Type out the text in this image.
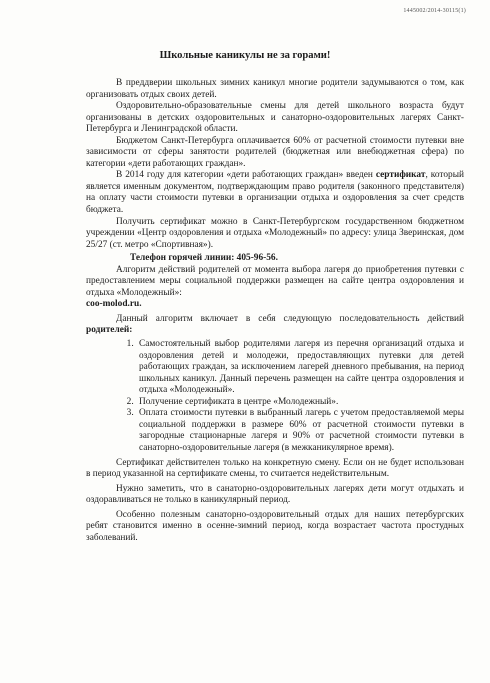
1445002/2014-30115(1)
Школьные каникулы не за горами!

В преддверии школьных зимних каникул многие родители задумываются о том, как организовать отдых своих детей.

Оздоровительно-образовательные смены для детей школьного возраста будут организованы в детских оздоровительных и санаторно-оздоровительных лагерях Санкт-Петербурга и Ленинградской области.

Бюджетом Санкт-Петербурга оплачивается 60% от расчетной стоимости путевки вне зависимости от сферы занятости родителей (бюджетная или внебюджетная сфера) по категории «дети работающих граждан».

В 2014 году для категории «дети работающих граждан» введен сертификат, который является именным документом, подтверждающим право родителя (законного представителя) на оплату части стоимости путевки в организации отдыха и оздоровления за счет средств бюджета.

Получить сертификат можно в Санкт-Петербургском государственном бюджетном учреждении «Центр оздоровления и отдыха «Молодежный» по адресу: улица Зверинская, дом 25/27 (ст. метро «Спортивная»).

Телефон горячей линии: 405-96-56.

Алгоритм действий родителей от момента выбора лагеря до приобретения путевки с предоставлением меры социальной поддержки размещен на сайте центра оздоровления и отдыха «Молодежный»:
coo-molod.ru.

Данный алгоритм включает в себя следующую последовательность действий родителей:

1. Самостоятельный выбор родителями лагеря из перечня организаций отдыха и оздоровления детей и молодежи, предоставляющих путевки для детей работающих граждан, за исключением лагерей дневного пребывания, на период школьных каникул. Данный перечень размещен на сайте центра оздоровления и отдыха «Молодежный».
2. Получение сертификата в центре «Молодежный».
3. Оплата стоимости путевки в выбранный лагерь с учетом предоставляемой меры социальной поддержки в размере 60% от расчетной стоимости путевки в загородные стационарные лагеря и 90% от расчетной стоимости путевки в санаторно-оздоровительные лагеря (в межканикулярное время).

Сертификат действителен только на конкретную смену. Если он не будет использован в период указанной на сертификате смены, то считается недействительным.

Нужно заметить, что в санаторно-оздоровительных лагерях дети могут отдыхать и оздоравливаться не только в каникулярный период.

Особенно полезным санаторно-оздоровительный отдых для наших петербургских ребят становится именно в осенне-зимний период, когда возрастает частота простудных заболеваний.
